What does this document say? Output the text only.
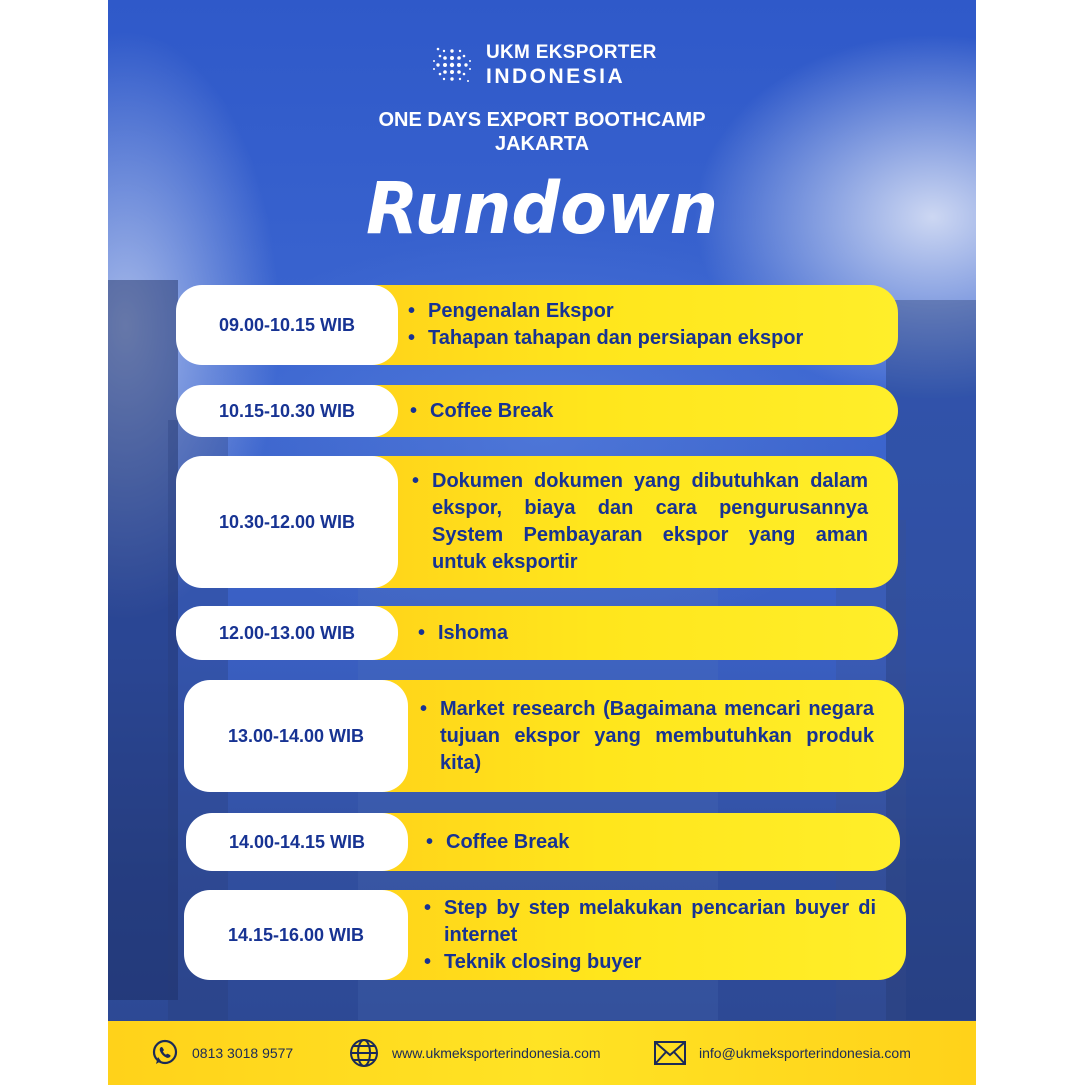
UKM EKSPORTER
INDONESIA
ONE DAYS EXPORT BOOTHCAMP
JAKARTA
Rundown
09.00-10.15 WIB
• Pengenalan Ekspor
• Tahapan tahapan dan persiapan ekspor
10.15-10.30 WIB	• Coffee Break
10.30-12.00 WIB
• Dokumen dokumen yang dibutuhkan dalam ekspor, biaya dan cara pengurusannya System Pembayaran ekspor yang aman untuk eksportir
12.00-13.00 WIB	• Ishoma
13.00-14.00 WIB
• Market research (Bagaimana mencari negara tujuan ekspor yang membutuhkan produk kita)
14.00-14.15 WIB	• Coffee Break
14.15-16.00 WIB
• Step by step melakukan pencarian buyer di internet
• Teknik closing buyer
0813 3018 9577	www.ukmeksporterindonesia.com	info@ukmeksporterindonesia.com
